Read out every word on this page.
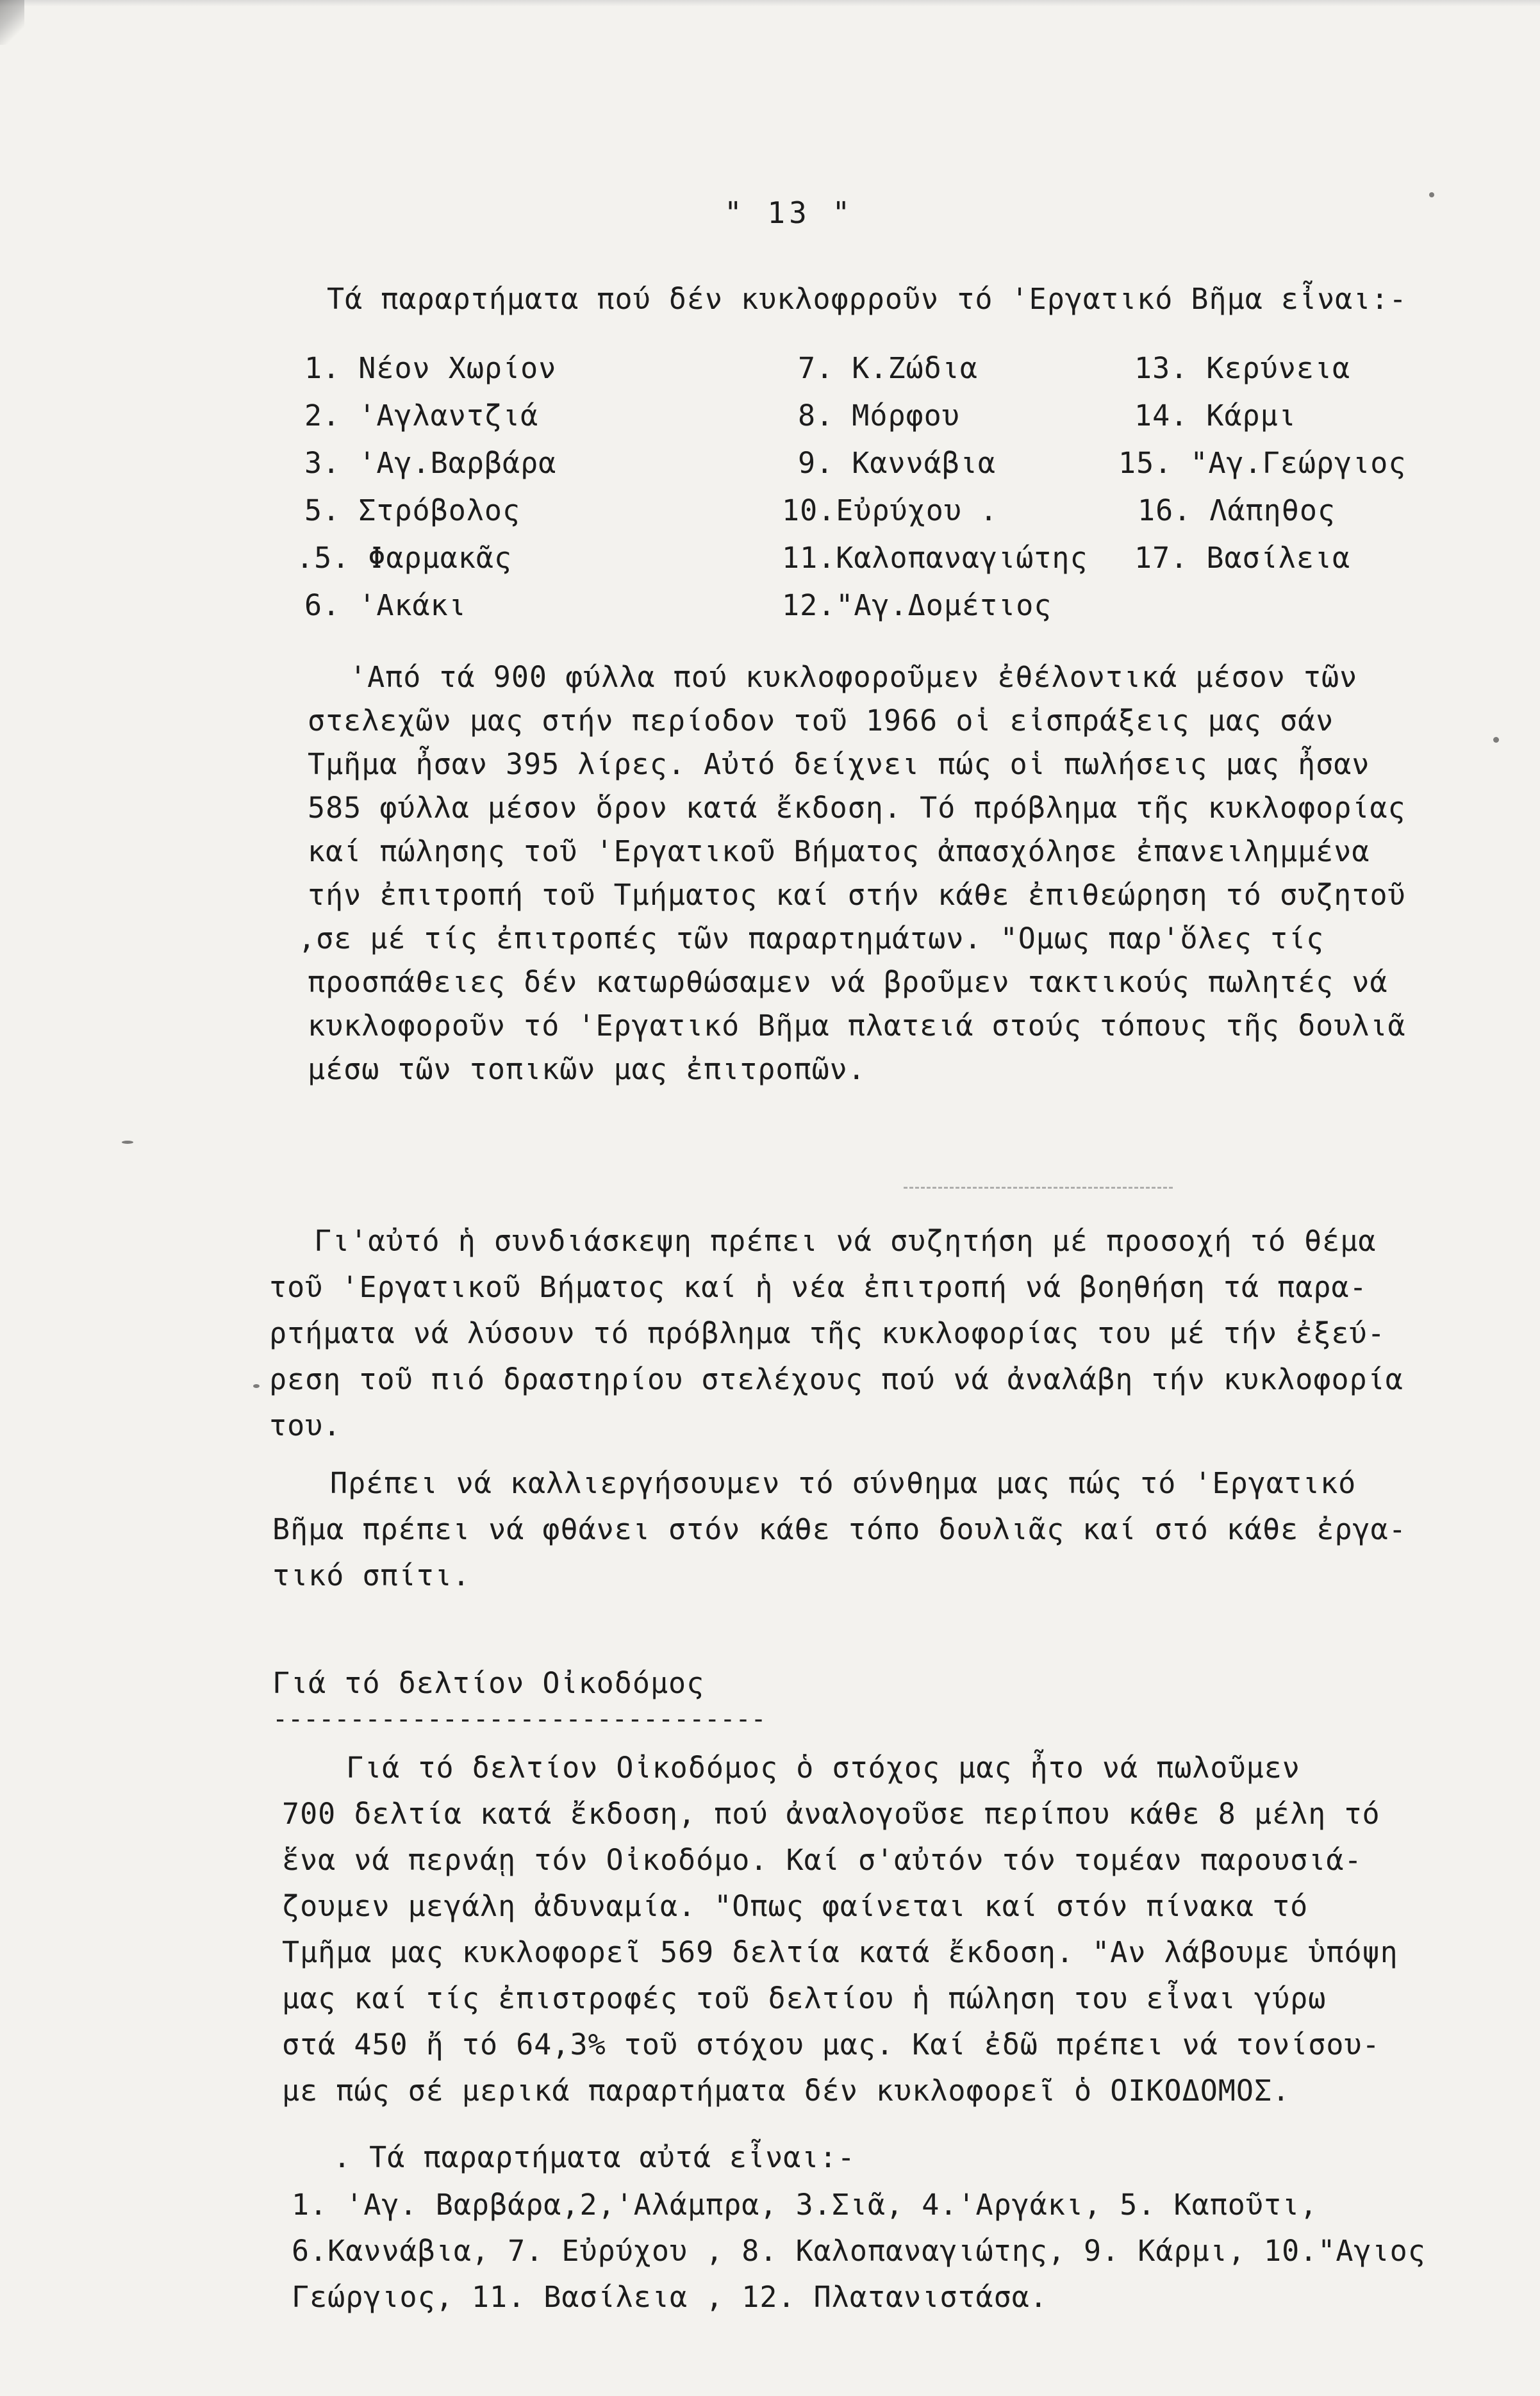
" 13 "
Τά παραρτήματα πού δέν κυκλοφρροῦν τό 'Εργατικό Βῆμα εἶναι:-
1. Νέον Χωρίον
2. 'Αγλαντζιά
3. 'Αγ.Βαρβάρα
5. Στρόβολος
.5. Φαρμακᾶς
6. 'Ακάκι
7. Κ.Ζώδια
8. Μόρφου
9. Καννάβια
10.Εὐρύχου .
11.Καλοπαναγιώτης
12."Αγ.Δομέτιος
13. Κερύνεια
14. Κάρμι
15. "Αγ.Γεώργιος
16. Λάπηθος
17. Βασίλεια
'Από τά 900 φύλλα πού κυκλοφοροῦμεν ἐθέλοντικά μέσον τῶν
στελεχῶν μας στήν περίοδον τοῦ 1966 οἱ εἰσπράξεις μας σάν
Τμῆμα ἦσαν 395 λίρες. Αὐτό δείχνει πώς οἱ πωλήσεις μας ἦσαν
585 φύλλα μέσον ὅρον κατά ἔκδοση. Τό πρόβλημα τῆς κυκλοφορίας
καί πώλησης τοῦ 'Εργατικοῦ Βήματος ἀπασχόλησε ἐπανειλημμένα
τήν ἐπιτροπή τοῦ Τμήματος καί στήν κάθε ἐπιθεώρηση τό συζητοῦ
,σε μέ τίς ἐπιτροπές τῶν παραρτημάτων. "Ομως παρ'ὅλες τίς
προσπάθειες δέν κατωρθώσαμεν νά βροῦμεν τακτικούς πωλητές νά
κυκλοφοροῦν τό 'Εργατικό Βῆμα πλατειά στούς τόπους τῆς δουλιᾶ
μέσω τῶν τοπικῶν μας ἐπιτροπῶν.
Γι'αὐτό ἡ συνδιάσκεψη πρέπει νά συζητήση μέ προσοχή τό θέμα
τοῦ 'Εργατικοῦ Βήματος καί ἡ νέα ἐπιτροπή νά βοηθήση τά παρα-
ρτήματα νά λύσουν τό πρόβλημα τῆς κυκλοφορίας του μέ τήν ἐξεύ-
ρεση τοῦ πιό δραστηρίου στελέχους πού νά ἀναλάβη τήν κυκλοφορία
του.
Πρέπει νά καλλιεργήσουμεν τό σύνθημα μας πώς τό 'Εργατικό
Βῆμα πρέπει νά φθάνει στόν κάθε τόπο δουλιᾶς καί στό κάθε ἐργα-
τικό σπίτι.
Γιά τό δελτίον Οἰκοδόμος
--------------------------------
Γιά τό δελτίον Οἰκοδόμος ὁ στόχος μας ἦτο νά πωλοῦμεν
700 δελτία κατά ἔκδοση, πού ἀναλογοῦσε περίπου κάθε 8 μέλη τό
ἕνα νά περνάῃ τόν Οἰκοδόμο. Καί σ'αὐτόν τόν τομέαν παρουσιά-
ζουμεν μεγάλη ἀδυναμία. "Οπως φαίνεται καί στόν πίνακα τό
Τμῆμα μας κυκλοφορεῖ 569 δελτία κατά ἔκδοση. "Αν λάβουμε ὑπόψη
μας καί τίς ἐπιστροφές τοῦ δελτίου ἡ πώληση του εἶναι γύρω
στά 450 ἤ τό 64,3% τοῦ στόχου μας. Καί ἐδῶ πρέπει νά τονίσου-
με πώς σέ μερικά παραρτήματα δέν κυκλοφορεῖ ὁ ΟΙΚΟΔΟΜΟΣ.
. Τά παραρτήματα αὐτά εἶναι:-
1. 'Αγ. Βαρβάρα,2,'Αλάμπρα, 3.Σιᾶ, 4.'Αργάκι, 5. Καποῦτι,
6.Καννάβια, 7. Εὐρύχου , 8. Καλοπαναγιώτης, 9. Κάρμι, 10."Αγιος
Γεώργιος, 11. Βασίλεια , 12. Πλατανιστάσα.
